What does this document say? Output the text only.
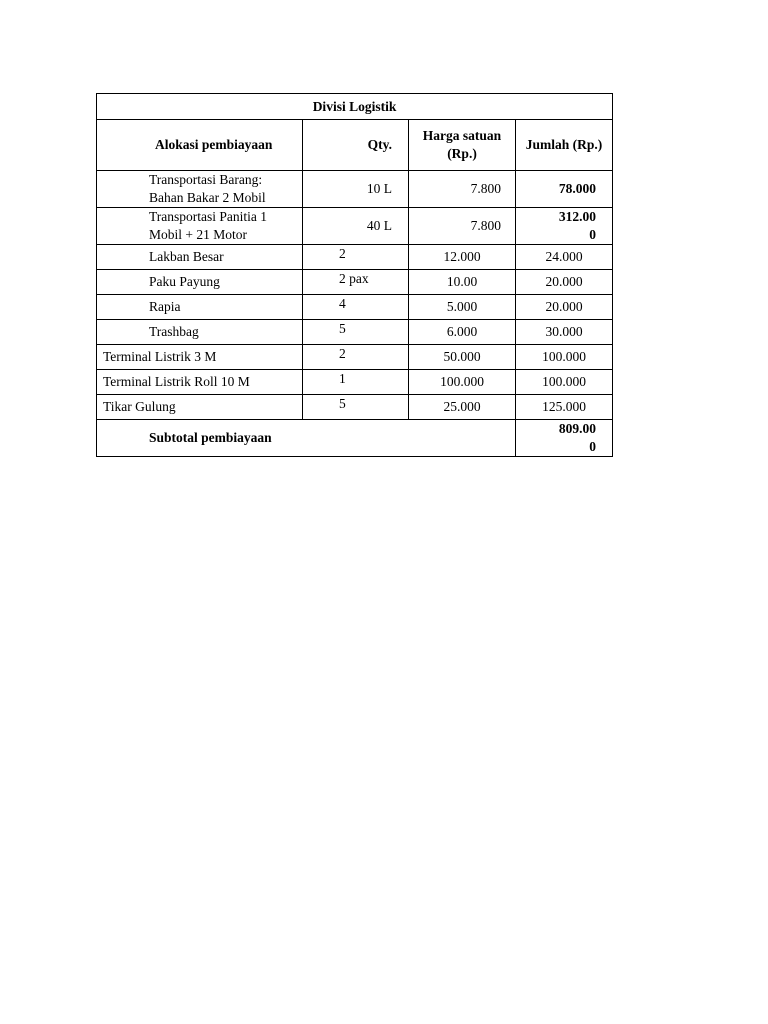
Divisi Logistik			
Alokasi pembiayaan	Qty.	Harga satuan (Rp.)	Jumlah (Rp.)
Transportasi Barang: Bahan Bakar 2 Mobil	10 L	7.800	78.000
Transportasi Panitia 1 Mobil + 21 Motor	40 L	7.800	312.000
Lakban Besar	2	12.000	24.000
Paku Payung	2 pax	10.00	20.000
Rapia	4	5.000	20.000
Trashbag	5	6.000	30.000
Terminal Listrik 3 M	2	50.000	100.000
Terminal Listrik Roll 10 M	1	100.000	100.000
Tikar Gulung	5	25.000	125.000
Subtotal pembiayaan			809.000
